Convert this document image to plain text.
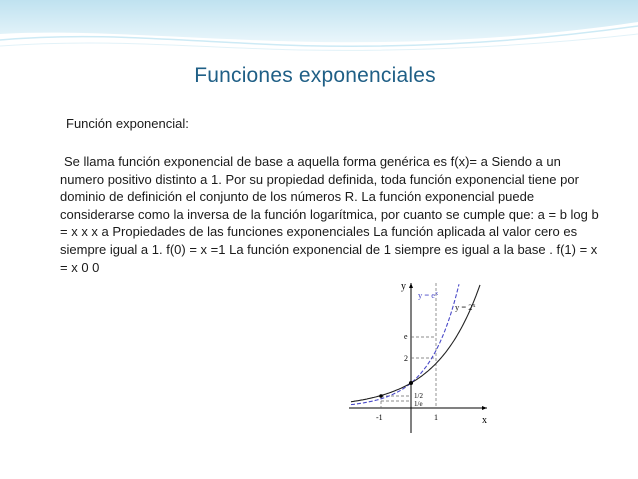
Funciones exponenciales
Función exponencial:
Se llama función exponencial de base a aquella forma genérica es f(x)= a Siendo a un numero positivo distinto a 1. Por su propiedad definida, toda función exponencial tiene por dominio de definición el conjunto de los números R. La función exponencial puede considerarse como la inversa de la función logarítmica, por cuanto se cumple que: a = b log b = x x x a Propiedades de las funciones exponenciales La función aplicada al valor cero es siempre igual a 1. f(0) = x =1 La función exponencial de 1 siempre es igual a la base . f(1) = x = x 0 0
y
x
$y = e^x$
$y = 2^x$
e
2
1/2
1/e
-1	1
